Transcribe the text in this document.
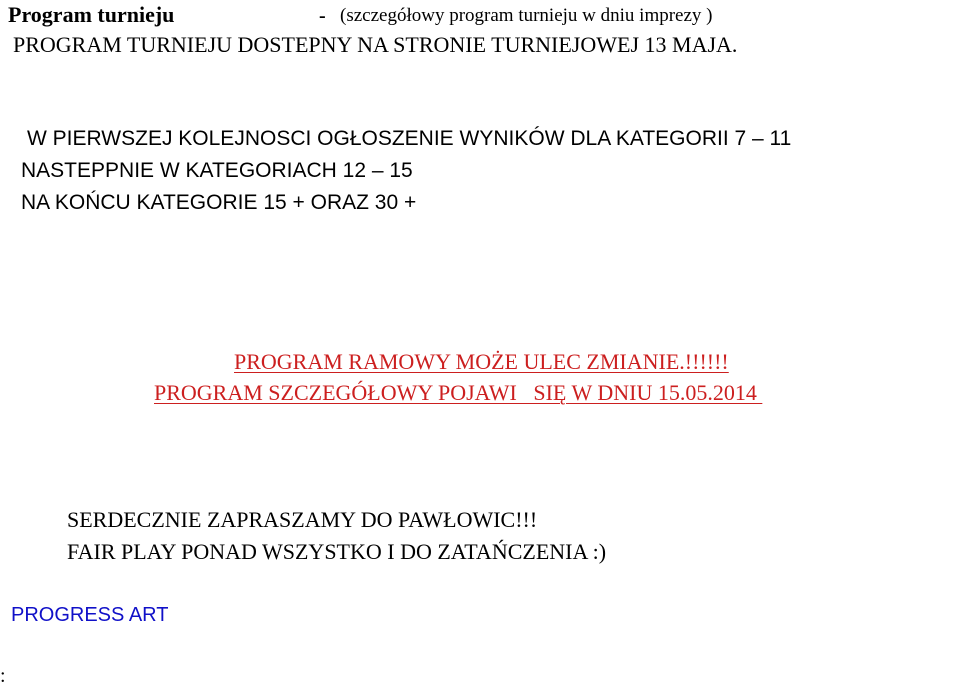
Program turnieju	- (szczegółowy program turnieju w dniu imprezy )
PROGRAM TURNIEJU DOSTEPNY NA STRONIE TURNIEJOWEJ 13 MAJA.
W PIERWSZEJ KOLEJNOSCI OGŁOSZENIE WYNIKÓW DLA KATEGORII 7 – 11
NASTEPPNIE W KATEGORIACH 12 – 15
NA KOŃCU KATEGORIE 15 + ORAZ 30 +
PROGRAM RAMOWY MOŻE ULEC ZMIANIE.!!!!!!
PROGRAM SZCZEGÓŁOWY POJAWI   SIĘ W DNIU 15.05.2014
SERDECZNIE ZAPRASZAMY DO PAWŁOWIC!!!
FAIR PLAY PONAD WSZYSTKO I DO ZATAŃCZENIA :)
PROGRESS ART
:
